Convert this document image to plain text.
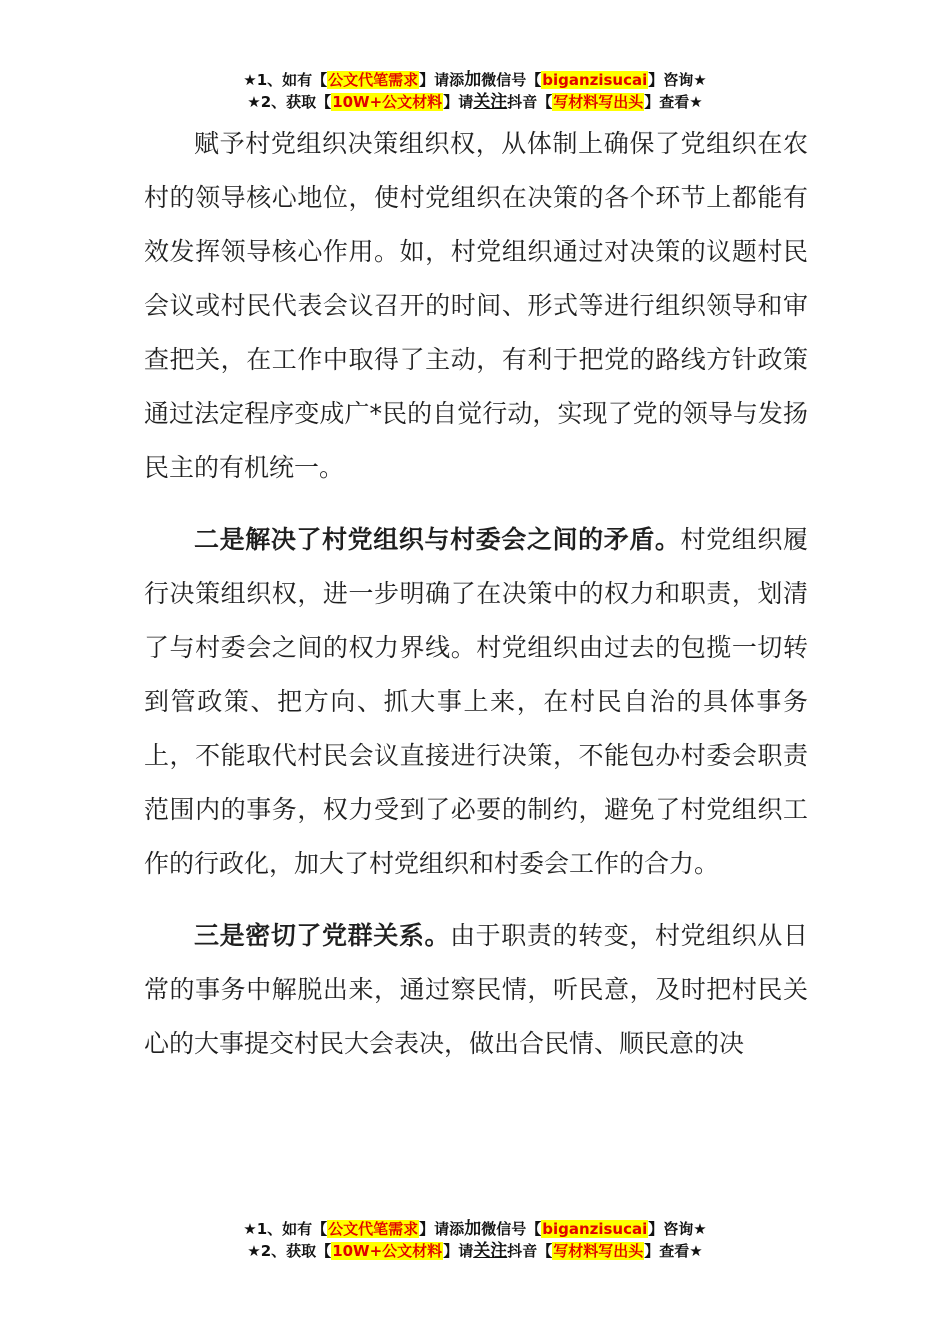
★1、如有【公文代笔需求】请添加微信号【biganzisucai】咨询★
★2、获取【10W+公文材料】请关注抖音【写材料写出头】查看★

赋予村党组织决策组织权，从体制上确保了党组织在农村的领导核心地位，使村党组织在决策的各个环节上都能有效发挥领导核心作用。如，村党组织通过对决策的议题村民会议或村民代表会议召开的时间、形式等进行组织领导和审查把关，在工作中取得了主动，有利于把党的路线方针政策通过法定程序变成广*民的自觉行动，实现了党的领导与发扬民主的有机统一。

二是解决了村党组织与村委会之间的矛盾。村党组织履行决策组织权，进一步明确了在决策中的权力和职责，划清了与村委会之间的权力界线。村党组织由过去的包揽一切转到管政策、把方向、抓大事上来，在村民自治的具体事务上，不能取代村民会议直接进行决策，不能包办村委会职责范围内的事务，权力受到了必要的制约，避免了村党组织工作的行政化，加大了村党组织和村委会工作的合力。

三是密切了党群关系。由于职责的转变，村党组织从日常的事务中解脱出来，通过察民情，听民意，及时把村民关心的大事提交村民大会表决，做出合民情、顺民意的决

★1、如有【公文代笔需求】请添加微信号【biganzisucai】咨询★
★2、获取【10W+公文材料】请关注抖音【写材料写出头】查看★
